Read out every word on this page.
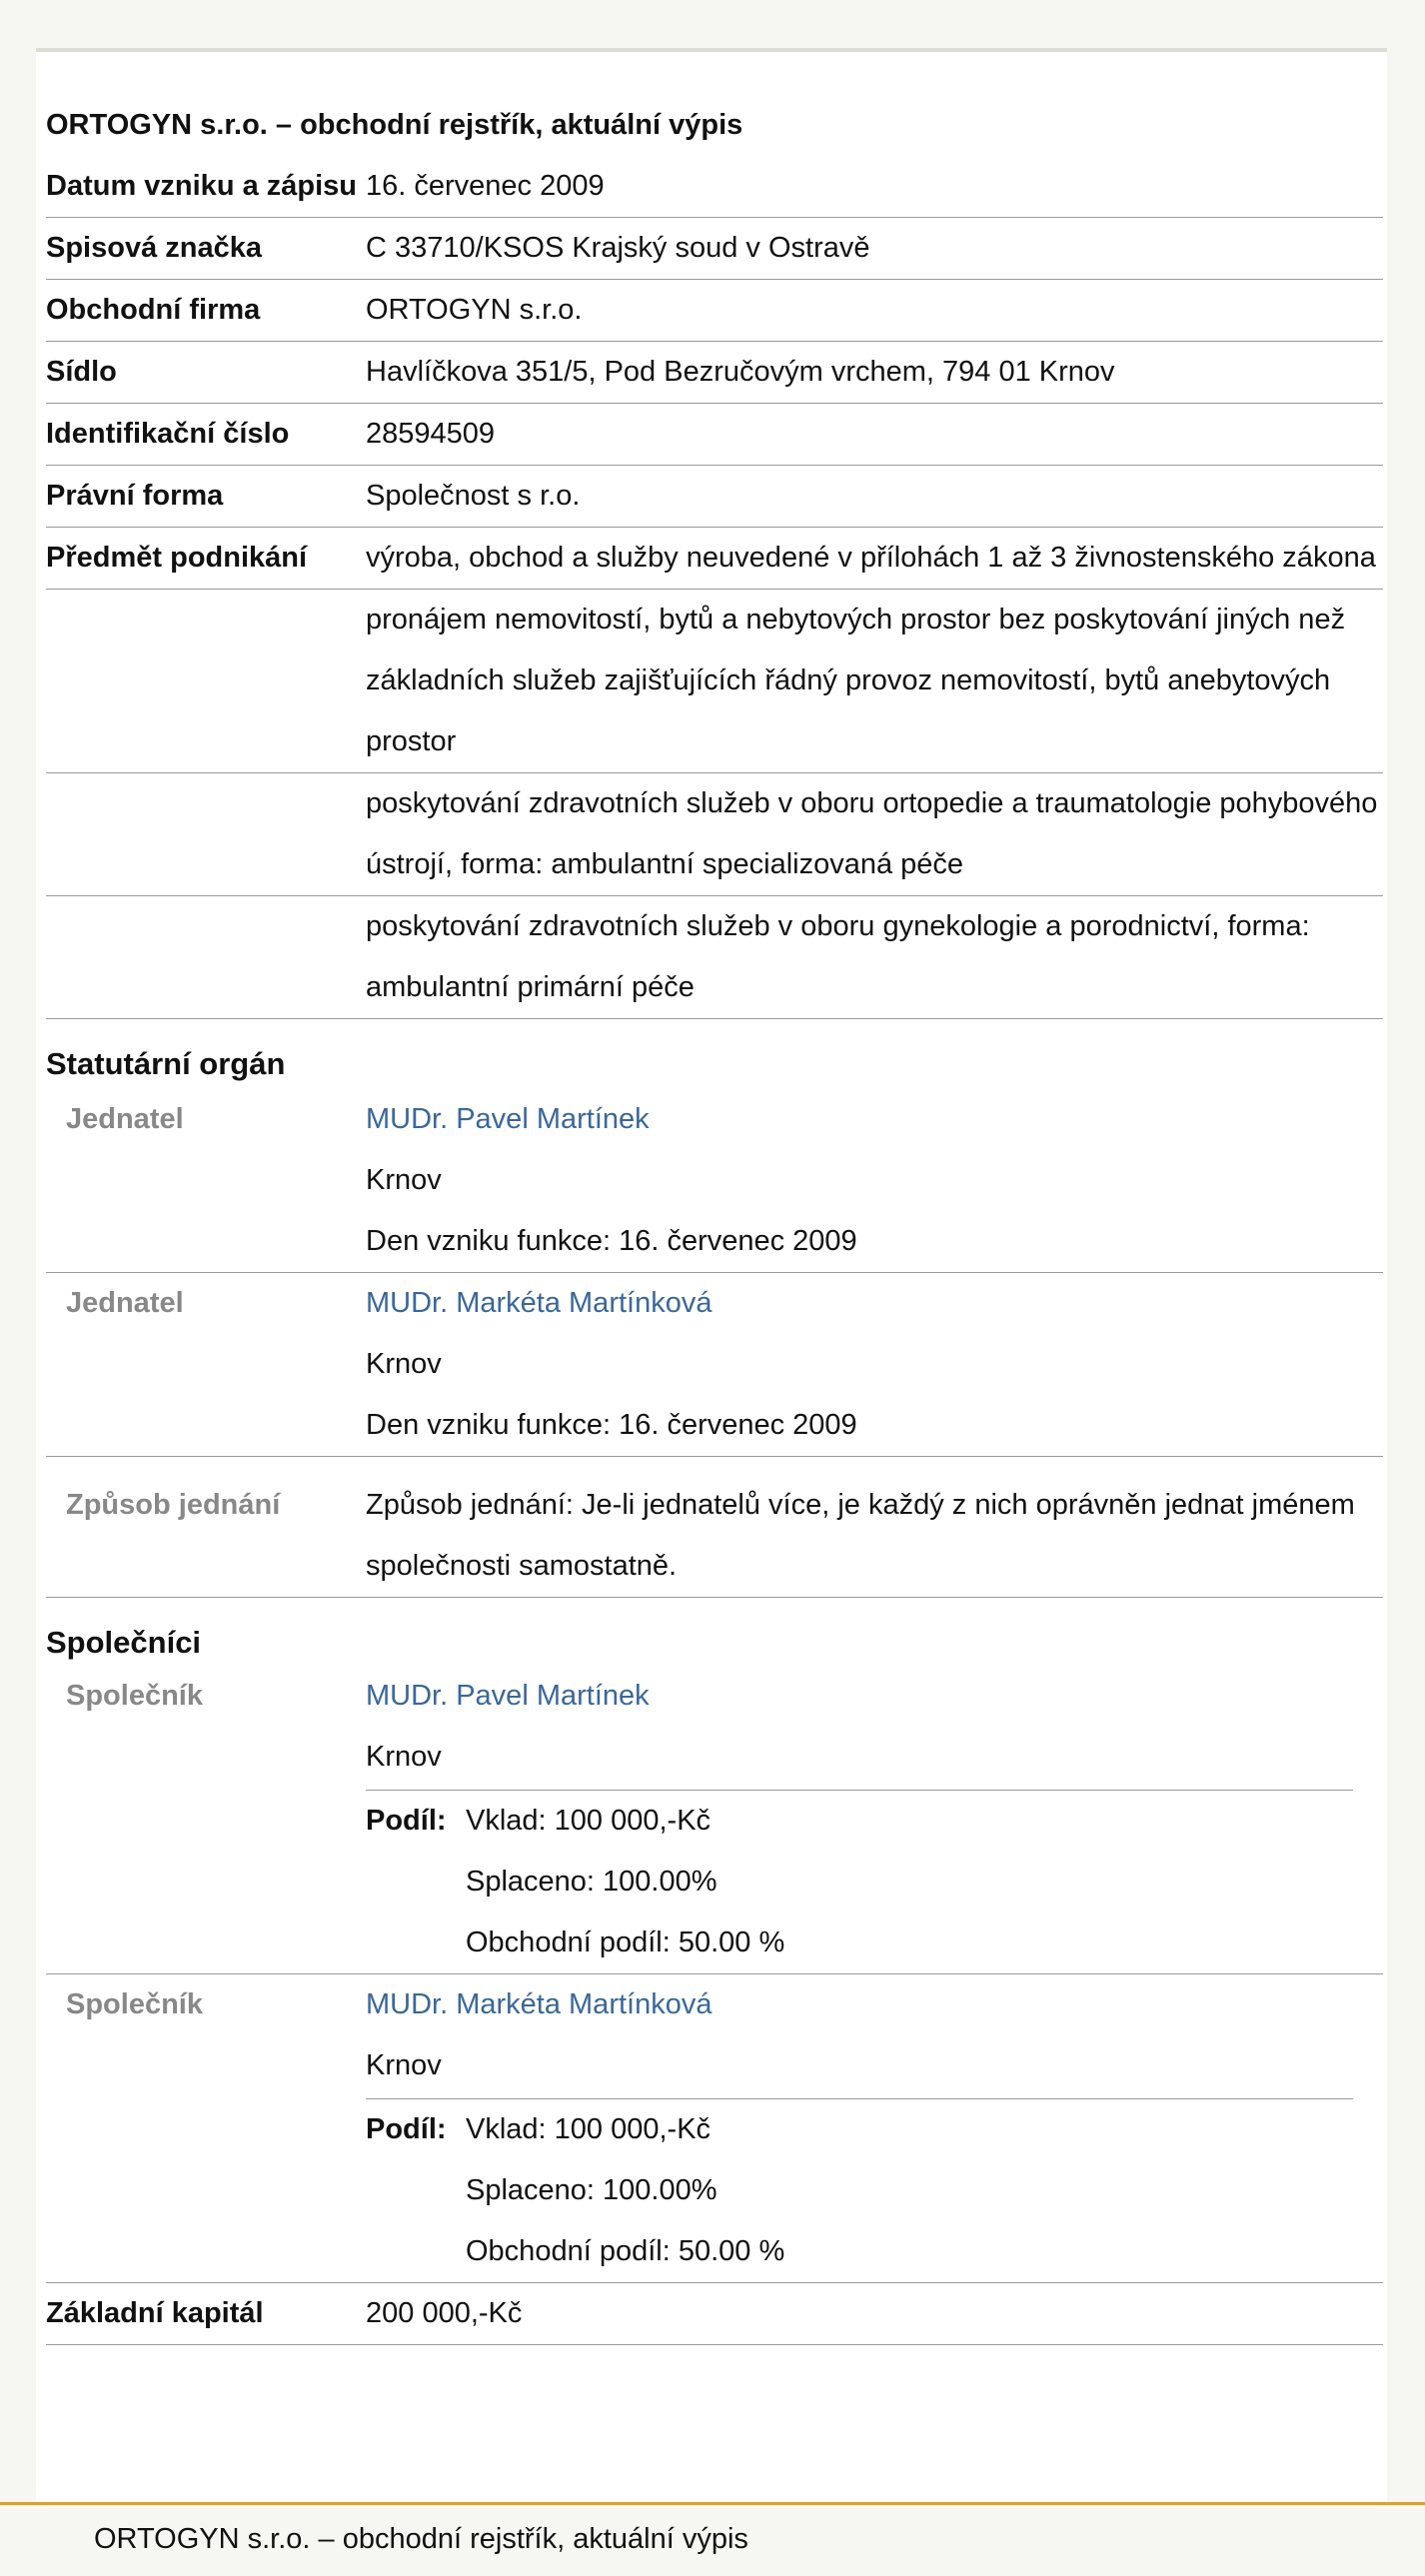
ORTOGYN s.r.o. – obchodní rejstřík, aktuální výpis
Datum vzniku a zápisu 16. červenec 2009
Spisová značka	C 33710/KSOS Krajský soud v Ostravě
Obchodní firma	ORTOGYN s.r.o.
Sídlo	Havlíčkova 351/5, Pod Bezručovým vrchem, 794 01 Krnov
Identifikační číslo	28594509
Právní forma	Společnost s r.o.
Předmět podnikání	výroba, obchod a služby neuvedené v přílohách 1 až 3 živnostenského zákona
pronájem nemovitostí, bytů a nebytových prostor bez poskytování jiných než základních služeb zajišťujících řádný provoz nemovitostí, bytů anebytových prostor
poskytování zdravotních služeb v oboru ortopedie a traumatologie pohybového ústrojí, forma: ambulantní specializovaná péče
poskytování zdravotních služeb v oboru gynekologie a porodnictví, forma: ambulantní primární péče
Statutární orgán
Jednatel	MUDr. Pavel Martínek
Krnov
Den vzniku funkce: 16. červenec 2009
Jednatel	MUDr. Markéta Martínková
Krnov
Den vzniku funkce: 16. červenec 2009
Způsob jednání	Způsob jednání: Je-li jednatelů více, je každý z nich oprávněn jednat jménem společnosti samostatně.
Společníci
Společník	MUDr. Pavel Martínek
Krnov
Podíl: Vklad: 100 000,-Kč
Splaceno: 100.00%
Obchodní podíl: 50.00 %
Společník	MUDr. Markéta Martínková
Krnov
Podíl: Vklad: 100 000,-Kč
Splaceno: 100.00%
Obchodní podíl: 50.00 %
Základní kapitál	200 000,-Kč
ORTOGYN s.r.o. – obchodní rejstřík, aktuální výpis
